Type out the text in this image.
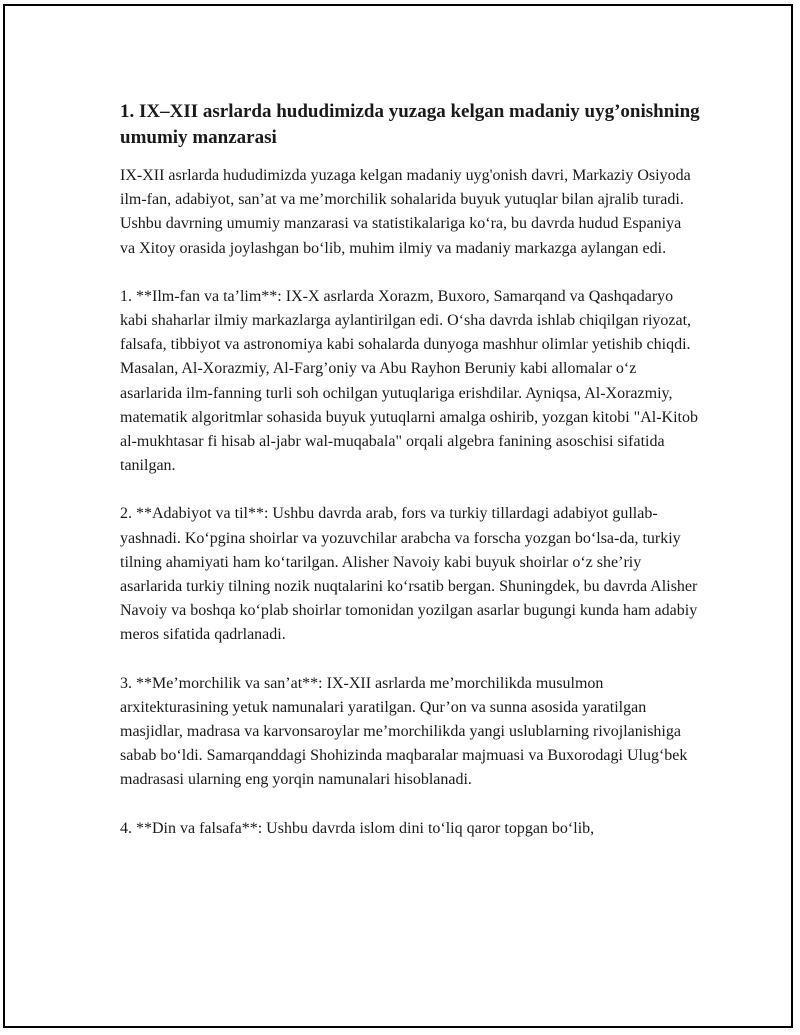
1. IX–XII asrlarda hududimizda yuzaga kelgan madaniy uyg’onishning umumiy manzarasi

IX-XII asrlarda hududimizda yuzaga kelgan madaniy uyg'onish davri, Markaziy Osiyoda ilm-fan, adabiyot, san’at va me’morchilik sohalarida buyuk yutuqlar bilan ajralib turadi. Ushbu davrning umumiy manzarasi va statistikalariga ko‘ra, bu davrda hudud Espaniya va Xitoy orasida joylashgan bo‘lib, muhim ilmiy va madaniy markazga aylangan edi.

1. **Ilm-fan va ta’lim**: IX-X asrlarda Xorazm, Buxoro, Samarqand va Qashqadaryo kabi shaharlar ilmiy markazlarga aylantirilgan edi. O‘sha davrda ishlab chiqilgan riyozat, falsafa, tibbiyot va astronomiya kabi sohalarda dunyoga mashhur olimlar yetishib chiqdi. Masalan, Al-Xorazmiy, Al-Farg’oniy va Abu Rayhon Beruniy kabi allomalar o‘z asarlarida ilm-fanning turli soh ochilgan yutuqlariga erishdilar. Ayniqsa, Al-Xorazmiy, matematik algoritmlar sohasida buyuk yutuqlarni amalga oshirib, yozgan kitobi "Al-Kitob al-mukhtasar fi hisab al-jabr wal-muqabala" orqali algebra fanining asoschisi sifatida tanilgan.

2. **Adabiyot va til**: Ushbu davrda arab, fors va turkiy tillardagi adabiyot gullab-yashnadi. Ko‘pgina shoirlar va yozuvchilar arabcha va forscha yozgan bo‘lsa-da, turkiy tilning ahamiyati ham ko‘tarilgan. Alisher Navoiy kabi buyuk shoirlar o‘z she’riy asarlarida turkiy tilning nozik nuqtalarini ko‘rsatib bergan. Shuningdek, bu davrda Alisher Navoiy va boshqa ko‘plab shoirlar tomonidan yozilgan asarlar bugungi kunda ham adabiy meros sifatida qadrlanadi.

3. **Me’morchilik va san’at**: IX-XII asrlarda me’morchilikda musulmon arxitekturasining yetuk namunalari yaratilgan. Qur’on va sunna asosida yaratilgan masjidlar, madrasa va karvonsaroylar me’morchilikda yangi uslublarning rivojlanishiga sabab bo‘ldi. Samarqanddagi Shohizinda maqbaralar majmuasi va Buxorodagi Ulug‘bek madrasasi ularning eng yorqin namunalari hisoblanadi.

4. **Din va falsafa**: Ushbu davrda islom dini to‘liq qaror topgan bo‘lib,
